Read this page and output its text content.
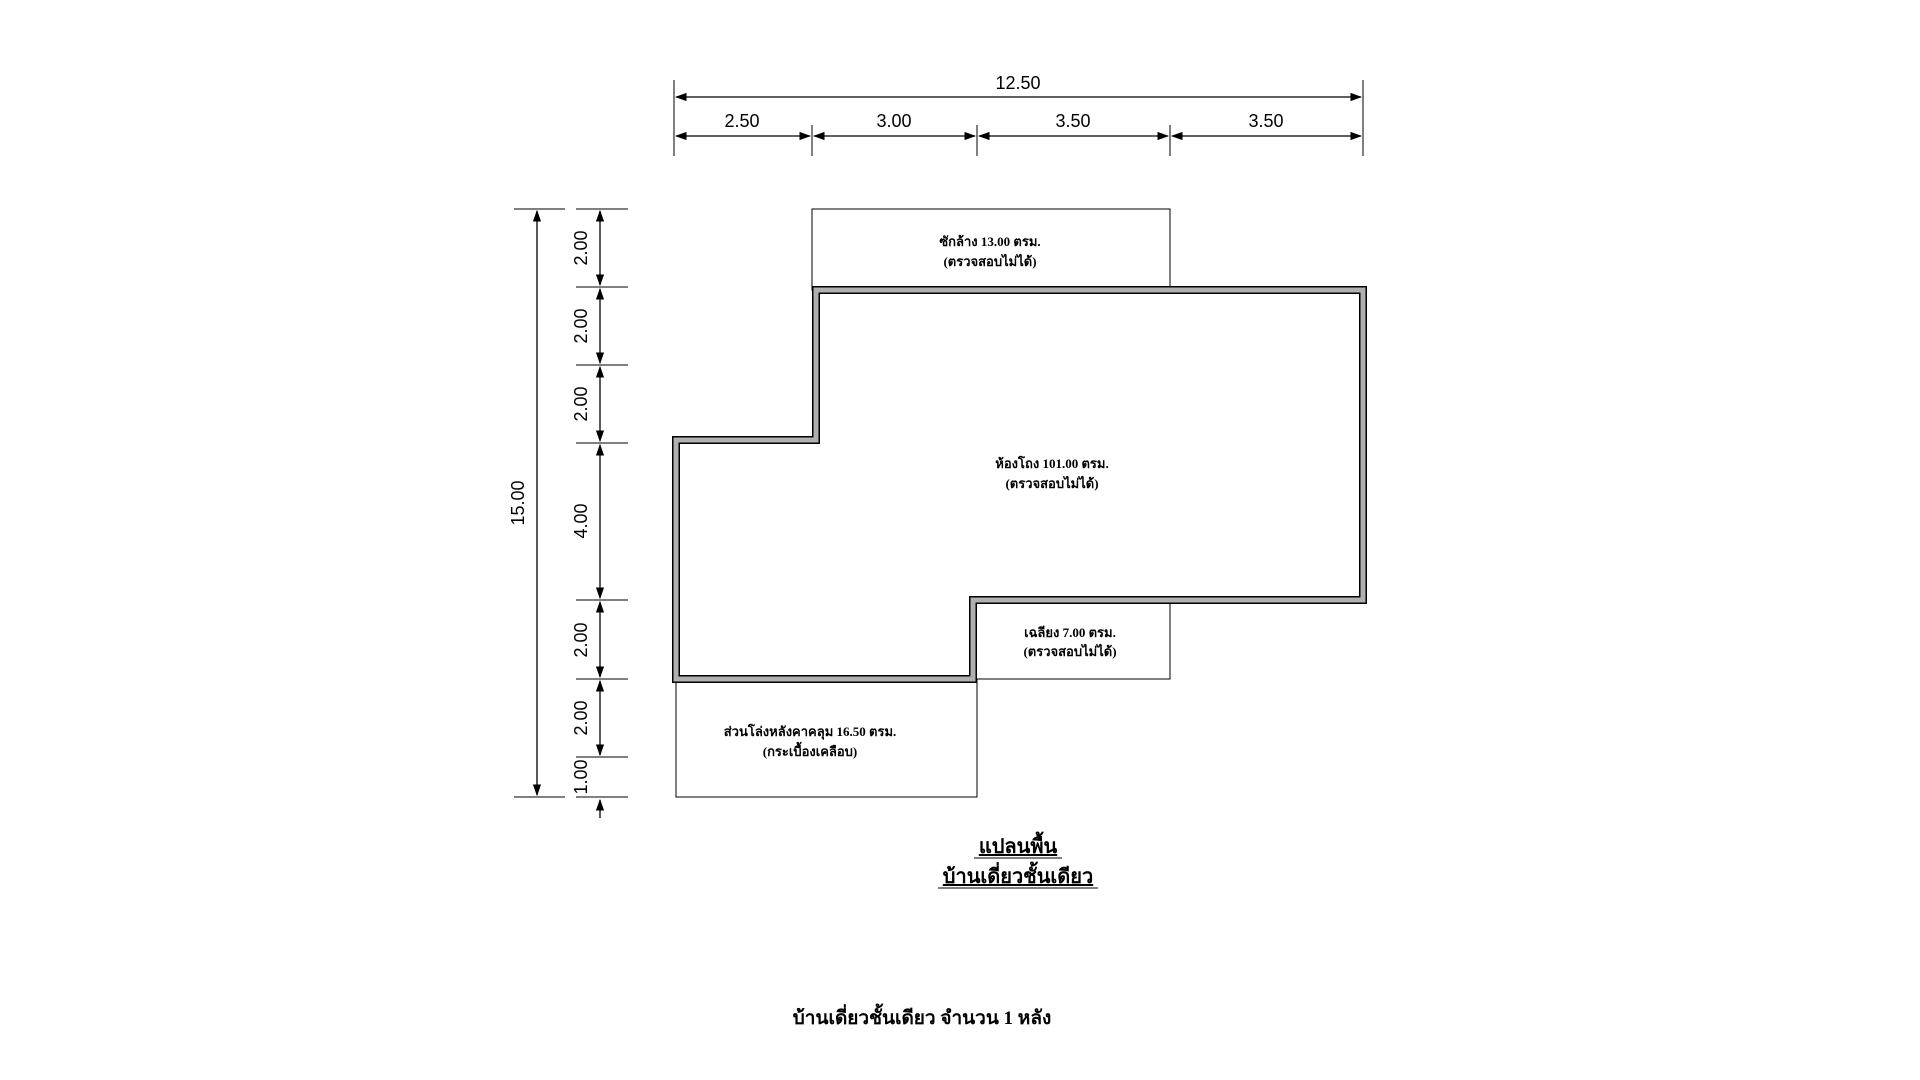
12.50
2.50	3.00	3.50	3.50
15.00
2.00
2.00
2.00
4.00
2.00
2.00
1.00
ซักล้าง 13.00 ตรม.
(ตรวจสอบไม่ได้)
ห้องโถง 101.00 ตรม.
(ตรวจสอบไม่ได้)
เฉลียง 7.00 ตรม.
(ตรวจสอบไม่ได้)
ส่วนโล่งหลังคาคลุม 16.50 ตรม.
(กระเบื้องเคลือบ)
แปลนพื้น
บ้านเดี่ยวชั้นเดียว
บ้านเดี่ยวชั้นเดียว จำนวน 1 หลัง
